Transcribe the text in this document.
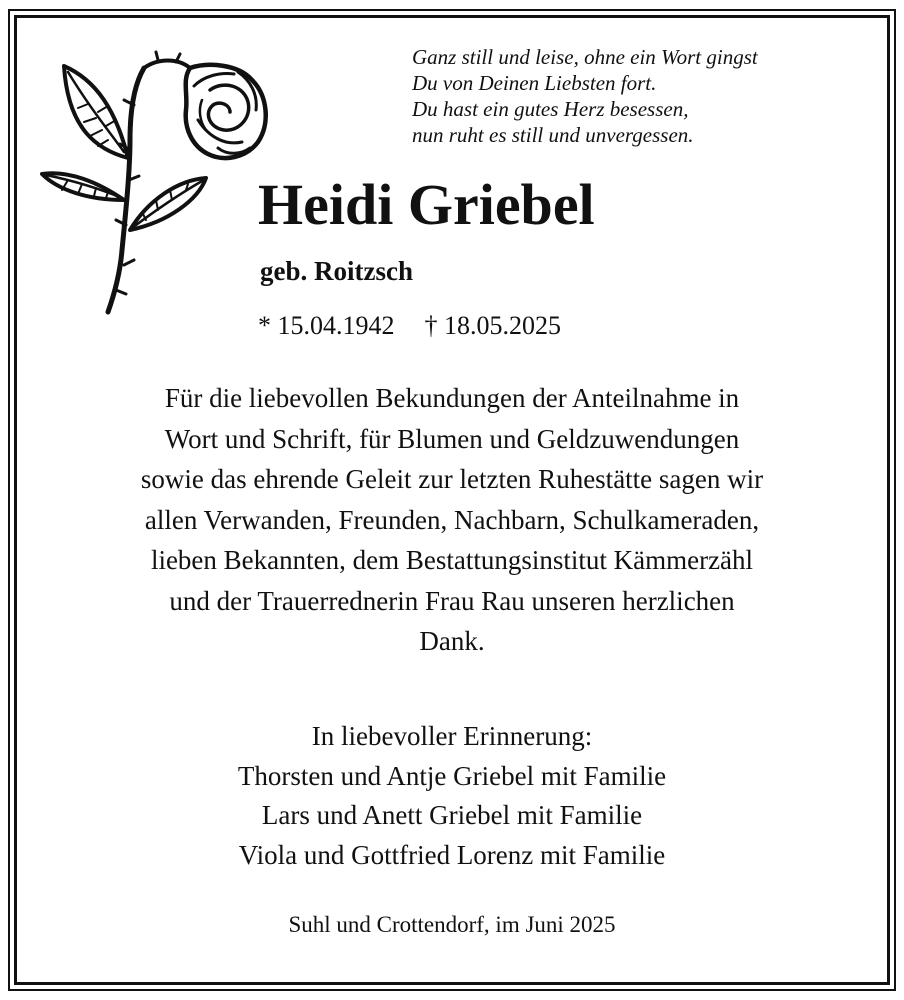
Ganz still und leise, ohne ein Wort gingst
Du von Deinen Liebsten fort.
Du hast ein gutes Herz besessen,
nun ruht es still und unvergessen.
Heidi Griebel
geb. Roitzsch
* 15.04.1942 † 18.05.2025
Für die liebevollen Bekundungen der Anteilnahme in
Wort und Schrift, für Blumen und Geldzuwendungen
sowie das ehrende Geleit zur letzten Ruhestätte sagen wir
allen Verwanden, Freunden, Nachbarn, Schulkameraden,
lieben Bekannten, dem Bestattungsinstitut Kämmerzähl
und der Trauerrednerin Frau Rau unseren herzlichen
Dank.
In liebevoller Erinnerung:
Thorsten und Antje Griebel mit Familie
Lars und Anett Griebel mit Familie
Viola und Gottfried Lorenz mit Familie
Suhl und Crottendorf, im Juni 2025
